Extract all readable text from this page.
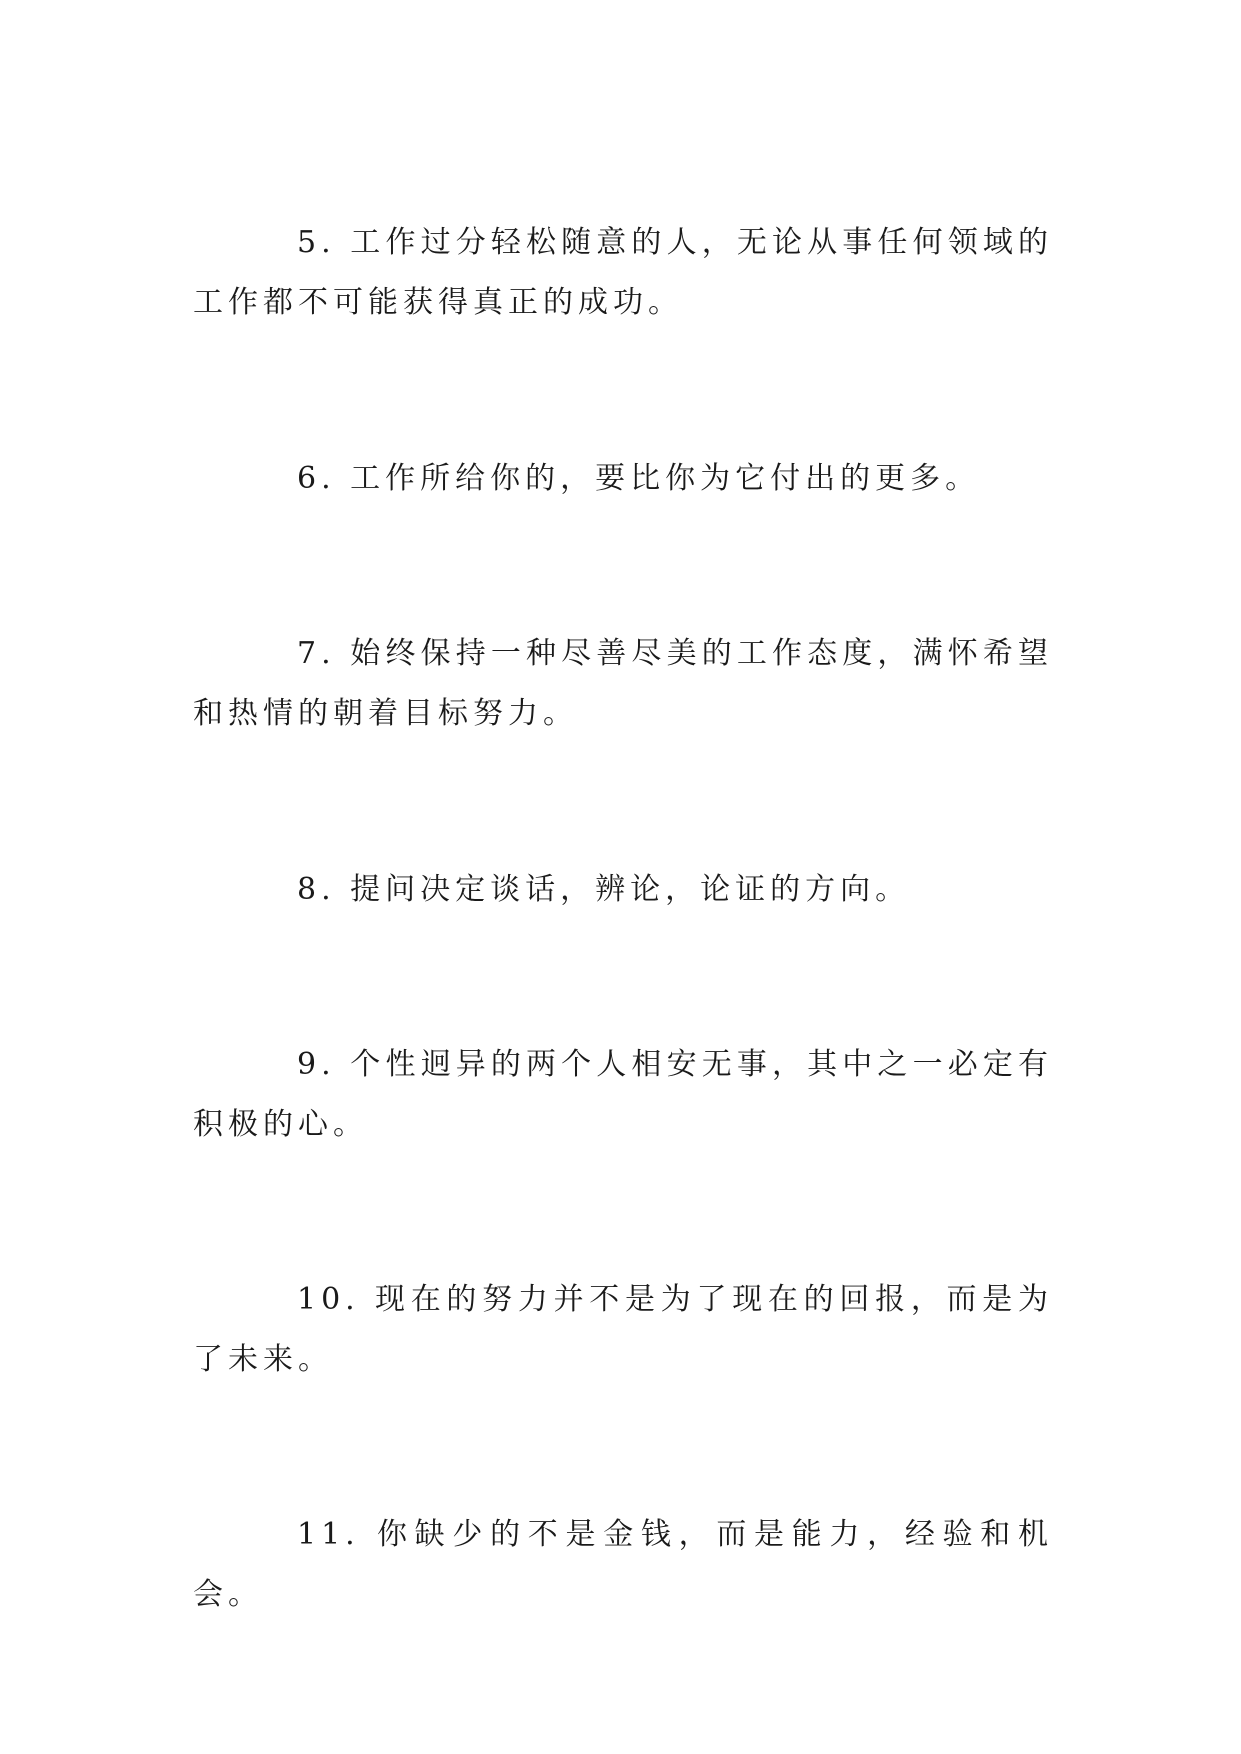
5. 工作过分轻松随意的人，无论从事任何领域的工作都不可能获得真正的成功。

6. 工作所给你的，要比你为它付出的更多。

7. 始终保持一种尽善尽美的工作态度，满怀希望和热情的朝着目标努力。

8. 提问决定谈话，辨论，论证的方向。

9. 个性迥异的两个人相安无事，其中之一必定有积极的心。

10. 现在的努力并不是为了现在的回报，而是为了未来。

11. 你缺少的不是金钱，而是能力，经验和机会。
